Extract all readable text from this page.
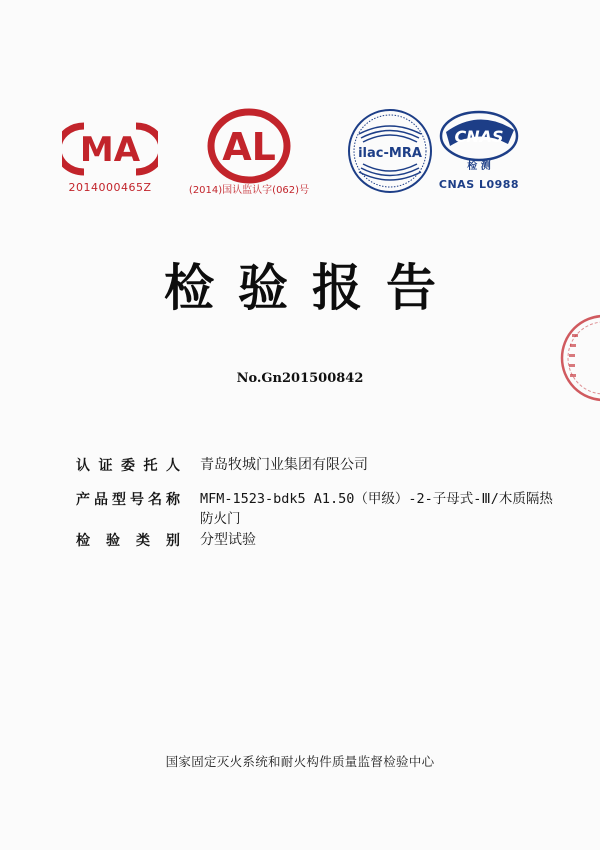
MA
2014000465Z
AL
(2014)国认监认字(062)号
ilac-MRA
CNAS
检 测
CNAS L0988
检验报告
No.Gn201500842
认 证 委 托 人 青岛牧城门业集团有限公司
产 品 型 号 名 称 MFM-1523-bdk5 A1.50（甲级）-2-子母式-Ⅲ/木质隔热防火门
检 验 类 别 分型试验
国家固定灭火系统和耐火构件质量监督检验中心
